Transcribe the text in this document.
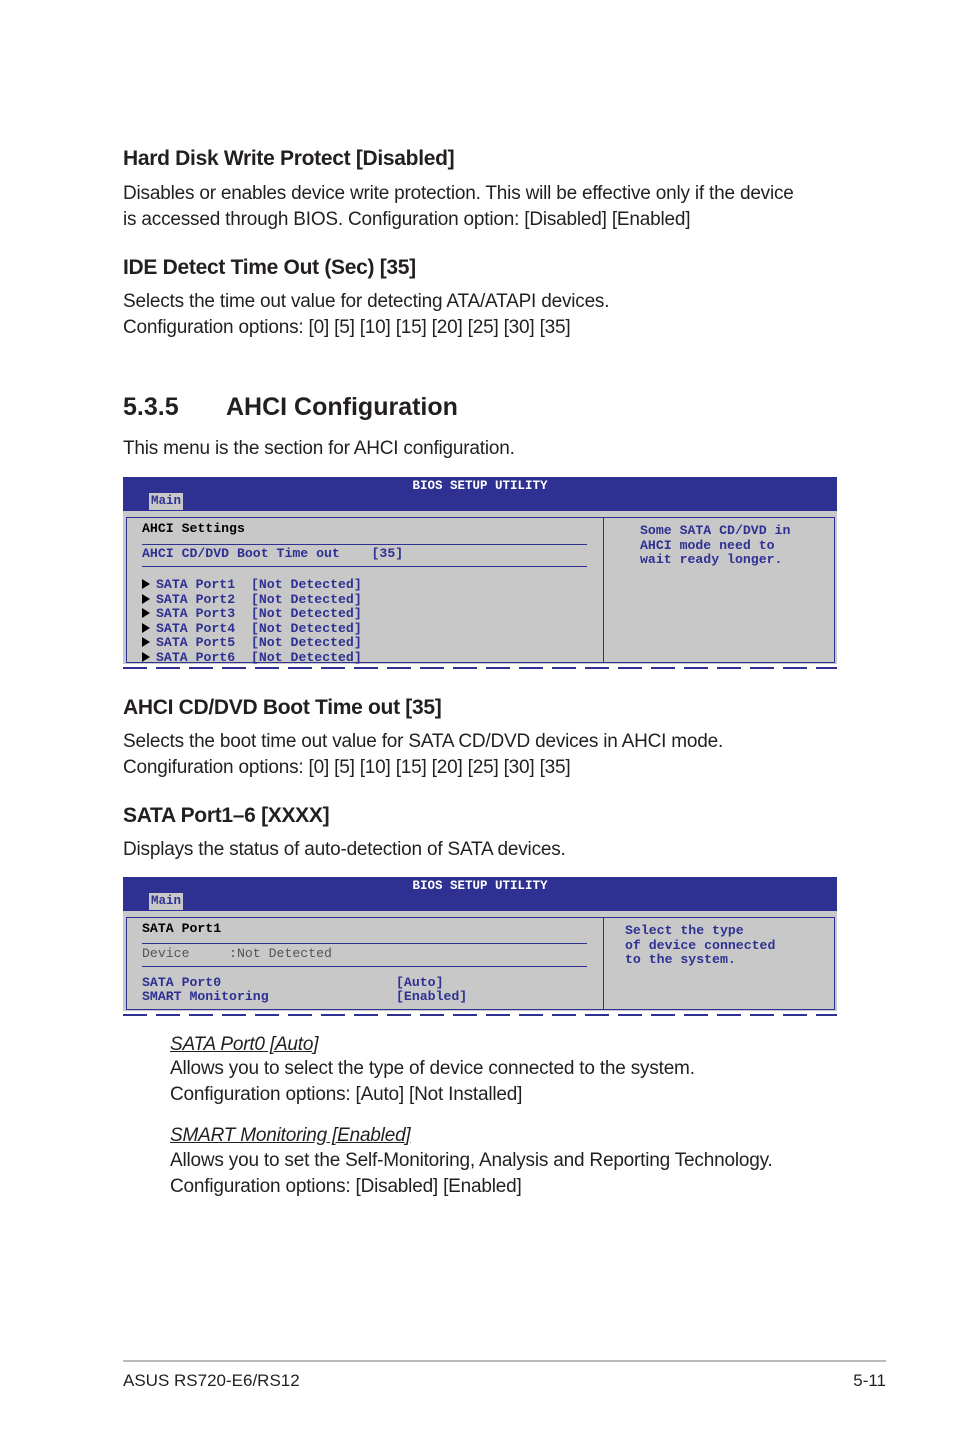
Hard Disk Write Protect [Disabled]
Disables or enables device write protection. This will be effective only if the device
is accessed through BIOS. Configuration option: [Disabled] [Enabled]
IDE Detect Time Out (Sec) [35]
Selects the time out value for detecting ATA/ATAPI devices.
Configuration options: [0] [5] [10] [15] [20] [25] [30] [35]
5.3.5 AHCI Configuration
This menu is the section for AHCI configuration.
BIOS SETUP UTILITY
Main
AHCI Settings
AHCI CD/DVD Boot Time out    [35]
SATA Port1  [Not Detected]
SATA Port2  [Not Detected]
SATA Port3  [Not Detected]
SATA Port4  [Not Detected]
SATA Port5  [Not Detected]
SATA Port6  [Not Detected]
Some SATA CD/DVD in
AHCI mode need to
wait ready longer.
AHCI CD/DVD Boot Time out [35]
Selects the boot time out value for SATA CD/DVD devices in AHCI mode.
Congifuration options: [0] [5] [10] [15] [20] [25] [30] [35]
SATA Port1–6 [XXXX]
Displays the status of auto-detection of SATA devices.
BIOS SETUP UTILITY
Main
SATA Port1
Device     :Not Detected
SATA Port0	[Auto]
SMART Monitoring	[Enabled]
Select the type
of device connected
to the system.
SATA Port0 [Auto]
Allows you to select the type of device connected to the system.
Configuration options: [Auto] [Not Installed]
SMART Monitoring [Enabled]
Allows you to set the Self-Monitoring, Analysis and Reporting Technology.
Configuration options: [Disabled] [Enabled]
ASUS RS720-E6/RS12	5-11
